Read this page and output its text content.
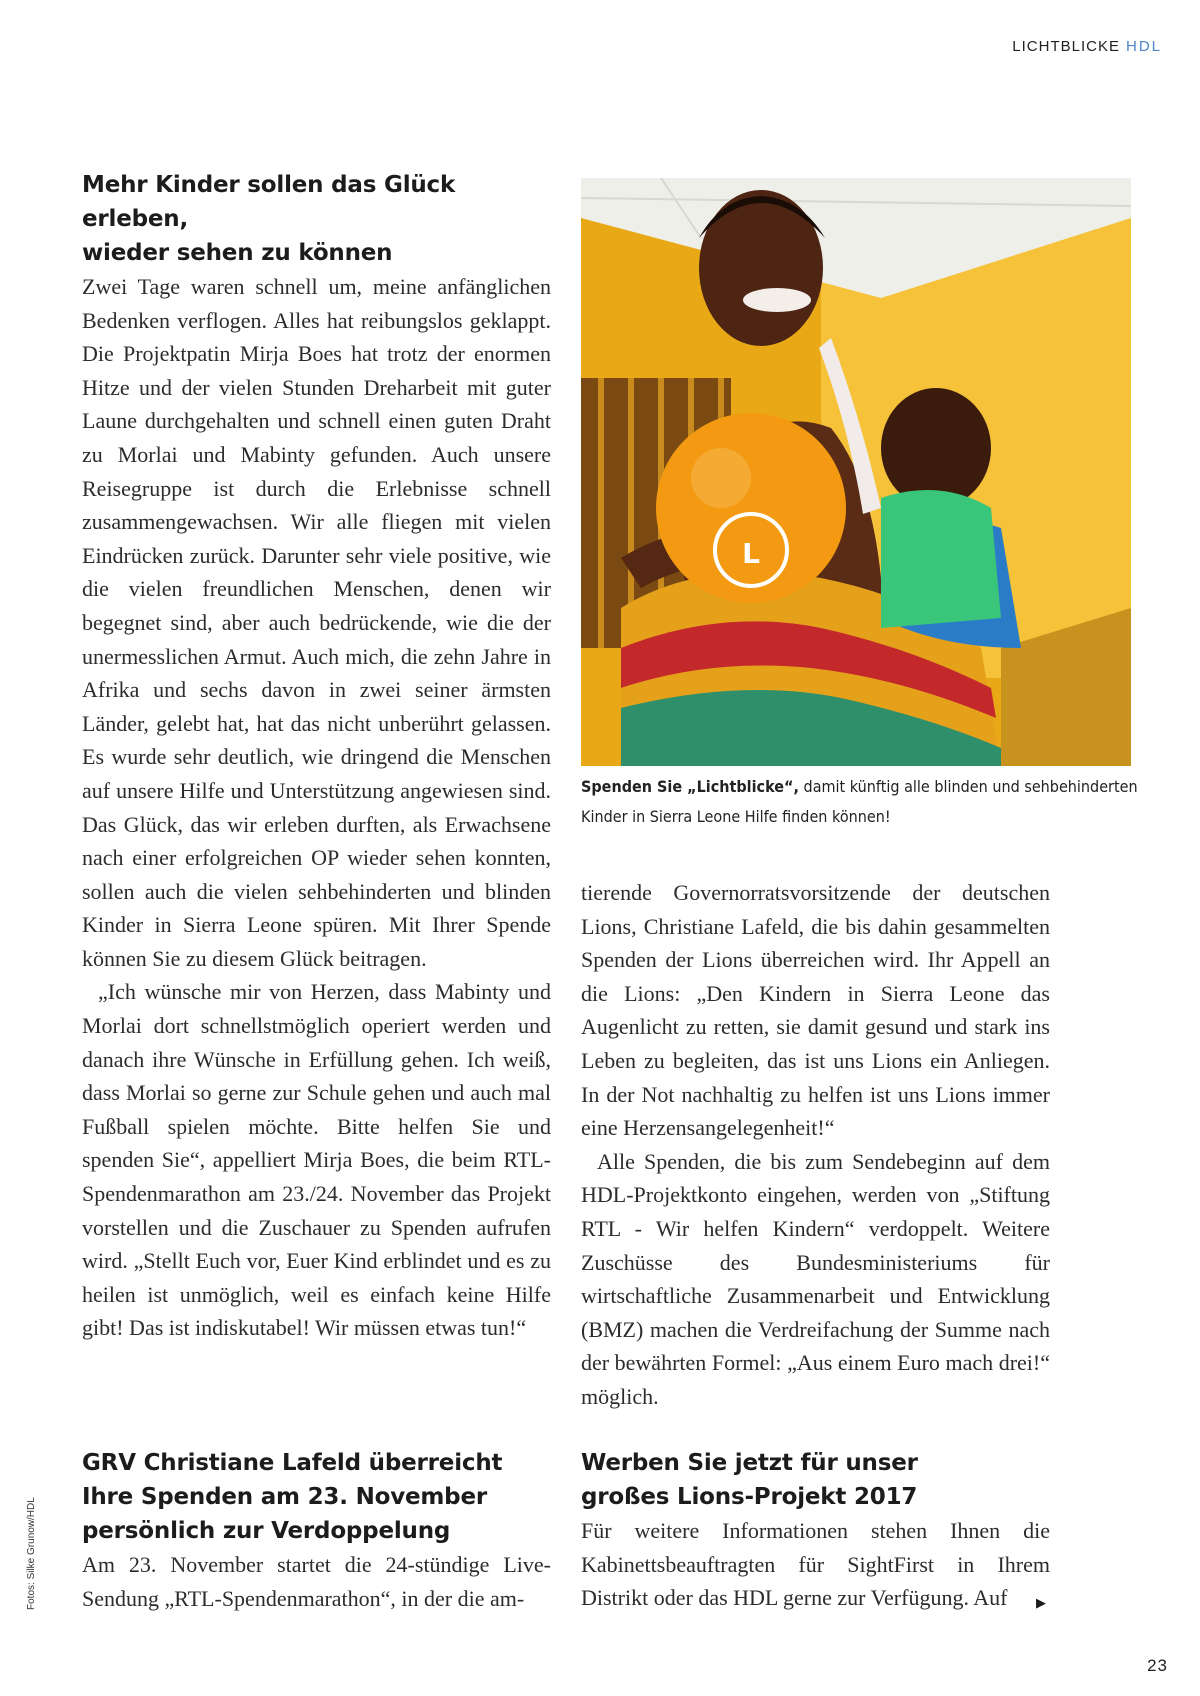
LICHTBLICKE HDL
Mehr Kinder sollen das Glück erleben,
wieder sehen zu können

Zwei Tage waren schnell um, meine anfänglichen Bedenken verflogen. Alles hat reibungslos geklappt. Die Projektpatin Mirja Boes hat trotz der enormen Hitze und der vielen Stunden Dreharbeit mit guter Laune durchgehalten und schnell einen guten Draht zu Morlai und Mabinty gefunden. Auch unsere Reisegruppe ist durch die Erlebnisse schnell zusammengewachsen. Wir alle fliegen mit vielen Eindrücken zurück. Darunter sehr viele positive, wie die vielen freundlichen Menschen, denen wir begegnet sind, aber auch bedrückende, wie die der unermesslichen Armut. Auch mich, die zehn Jahre in Afrika und sechs davon in zwei seiner ärmsten Länder, gelebt hat, hat das nicht unberührt gelassen. Es wurde sehr deutlich, wie dringend die Menschen auf unsere Hilfe und Unterstützung angewiesen sind. Das Glück, das wir erleben durften, als Erwachsene nach einer erfolgreichen OP wieder sehen konnten, sollen auch die vielen sehbehinderten und blinden Kinder in Sierra Leone spüren. Mit Ihrer Spende können Sie zu diesem Glück beitragen.

„Ich wünsche mir von Herzen, dass Mabinty und Morlai dort schnellstmöglich operiert werden und danach ihre Wünsche in Erfüllung gehen. Ich weiß, dass Morlai so gerne zur Schule gehen und auch mal Fußball spielen möchte. Bitte helfen Sie und spenden Sie“, appelliert Mirja Boes, die beim RTL-Spendenmarathon am 23./24. November das Projekt vorstellen und die Zuschauer zu Spenden aufrufen wird. „Stellt Euch vor, Euer Kind erblindet und es zu heilen ist unmöglich, weil es einfach keine Hilfe gibt! Das ist indiskutabel! Wir müssen etwas tun!“

GRV Christiane Lafeld überreicht
Ihre Spenden am 23. November
persönlich zur Verdoppelung

Am 23. November startet die 24-stündige Live-Sendung „RTL-Spendenmarathon“, in der die am-

L
Spenden Sie „Lichtblicke“, damit künftig alle blinden und sehbehinderten Kinder in Sierra Leone Hilfe finden können!

tierende Governorratsvorsitzende der deutschen Lions, Christiane Lafeld, die bis dahin gesammelten Spenden der Lions überreichen wird. Ihr Appell an die Lions: „Den Kindern in Sierra Leone das Augenlicht zu retten, sie damit gesund und stark ins Leben zu begleiten, das ist uns Lions ein Anliegen. In der Not nachhaltig zu helfen ist uns Lions immer eine Herzensangelegenheit!“

Alle Spenden, die bis zum Sendebeginn auf dem HDL-Projektkonto eingehen, werden von „Stiftung RTL - Wir helfen Kindern“ verdoppelt. Weitere Zuschüsse des Bundesministeriums für wirtschaftliche Zusammenarbeit und Entwicklung (BMZ) machen die Verdreifachung der Summe nach der bewährten Formel: „Aus einem Euro mach drei!“ möglich.

Werben Sie jetzt für unser
großes Lions-Projekt 2017

Für weitere Informationen stehen Ihnen die Kabinettsbeauftragten für SightFirst in Ihrem Distrikt oder das HDL gerne zur Verfügung. Auf	▶
Fotos: Silke Grunow/HDL
23
